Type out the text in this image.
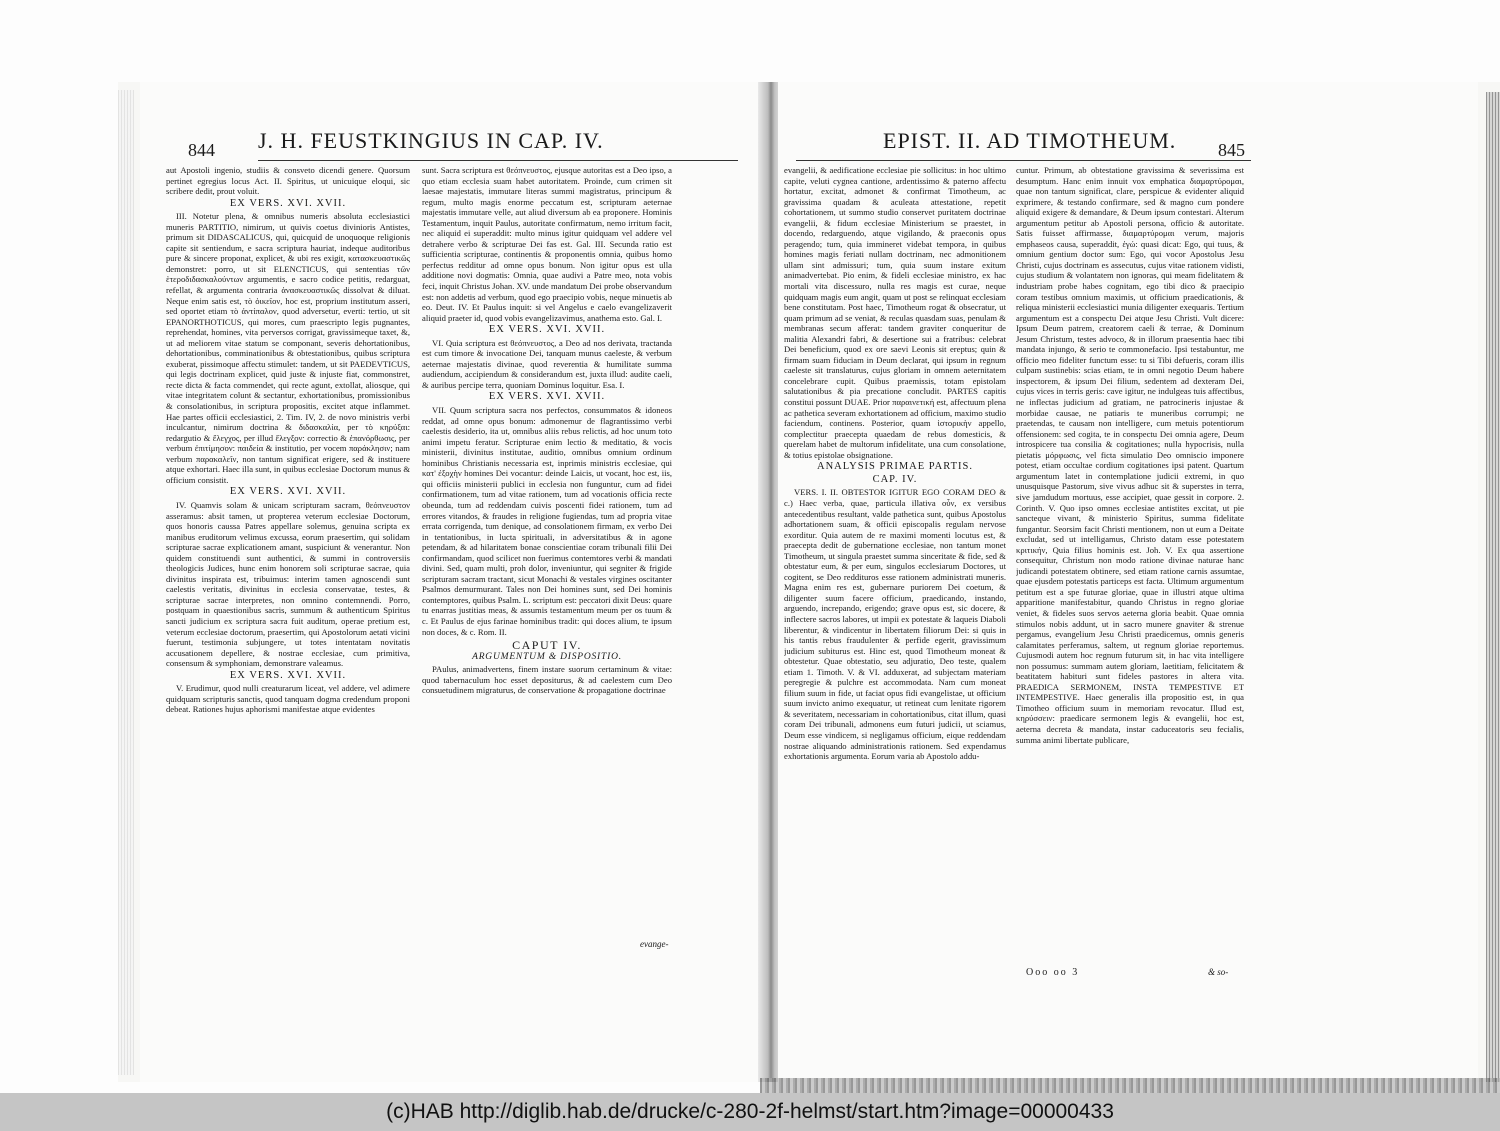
844 J. H. FEUSTKINGIUS IN CAP. IV.

aut Apostoli ingenio, studiis & consveto dicendi genere. Quorsum pertinet egregius locus Act. II. Spiritus, ut unicuique eloqui, sic scribere dedit, prout voluit.

EX VERS. XVI. XVII.

III. Notetur plena, & omnibus numeris absoluta ecclesiastici muneris PARTITIO, nimirum, ut quivis coetus divinioris Antistes, primum sit DIDASCALICUS, qui, quicquid de unoquoque religionis capite sit sentiendum, e sacra scriptura hauriat, indeque auditoribus pure & sincere proponat, explicet, & ubi res exigit, κατασκευαστικῶς demonstret: porro, ut sit ELENCTICUS, qui sententias τῶν ἑτεροδιδασκαλούντων argumentis, e sacro codice petitis, redarguat, refellat, & argumenta contraria ἀνασκευαστικῶς dissolvat & diluat. Neque enim satis est, τὸ ὁικεῖον, hoc est, proprium institutum asseri, sed oportet etiam τὸ ἀντίπαλον, quod adversetur, everti: tertio, ut sit EPANORTHOTICUS, qui mores, cum praescripto legis pugnantes, reprehendat, homines, vita perversos corrigat, gravissimeque taxet, &, ut ad meliorem vitae statum se componant, severis dehortationibus, dehortationibus, comminationibus & obtestationibus, quibus scriptura exuberat, pissimoque affectu stimulet: tandem, ut sit PAEDEVTICUS, qui legis doctrinam explicet, quid juste & injuste fiat, commonstret, recte dicta & facta commendet, qui recte agunt, extollat, aliosque, qui vitae integritatem colunt & sectantur, exhortationibus, promissionibus & consolationibus, in scriptura propositis, excitet atque inflammet. Hae partes officii ecclesiastici, 2. Tim. IV, 2. de novo ministris verbi inculcantur, nimirum doctrina & διδασκαλία, per τὸ κηρύξαι: redargutio & ἔλεγχος, per illud ἔλεγξον: correctio & ἐπανόρθωσις, per verbum ἐπιτίμησον: παιδεία & institutio, per vocem παράκλησιν; nam verbum παρακαλεῖν, non tantum significat erigere, sed & instituere atque exhortari. Haec illa sunt, in quibus ecclesiae Doctorum munus & officium consistit.

EX VERS. XVI. XVII.

IV. Quamvis solam & unicam scripturam sacram, θεόπνευστον asseramus: absit tamen, ut propterea veterum ecclesiae Doctorum, quos honoris caussa Patres appellare solemus, genuina scripta ex manibus eruditorum velimus excussa, eorum praesertim, qui solidam scripturae sacrae explicationem amant, suspiciunt & venerantur. Non quidem constituendi sunt authentici, & summi in controversiis theologicis Judices, hunc enim honorem soli scripturae sacrae, quia divinitus inspirata est, tribuimus: interim tamen agnoscendi sunt caelestis veritatis, divinitus in ecclesia conservatae, testes, & scripturae sacrae interpretes, non omnino contemnendi. Porro, postquam in quaestionibus sacris, summum & authenticum Spiritus sancti judicium ex scriptura sacra fuit auditum, operae pretium est, veterum ecclesiae doctorum, praesertim, qui Apostolorum aetati vicini fuerunt, testimonia subjungere, ut totes intentatam novitatis accusationem depellere, & nostrae ecclesiae, cum primitiva, consensum & symphoniam, demonstrare valeamus.

EX VERS. XVI. XVII.

V. Erudimur, quod nulli creaturarum liceat, vel addere, vel adimere quidquam scripturis sanctis, quod tanquam dogma credendum proponi debeat. Rationes hujus aphorismi manifestae atque evidentes

sunt. Sacra scriptura est θεόπνευστος, ejusque autoritas est a Deo ipso, a quo etiam ecclesia suam habet autoritatem. Proinde, cum crimen sit laesae majestatis, immutare literas summi magistratus, principum & regum, multo magis enorme peccatum est, scripturam aeternae majestatis immutare velle, aut aliud diversum ab ea proponere. Hominis Testamentum, inquit Paulus, autoritate confirmatum, nemo irritum facit, nec aliquid ei superaddit: multo minus igitur quidquam vel addere vel detrahere verbo & scripturae Dei fas est. Gal. III. Secunda ratio est sufficientia scripturae, continentis & proponentis omnia, quibus homo perfectus redditur ad omne opus bonum. Non igitur opus est ulla additione novi dogmatis: Omnia, quae audivi a Patre meo, nota vobis feci, inquit Christus Johan. XV. unde mandatum Dei probe observandum est: non addetis ad verbum, quod ego praecipio vobis, neque minuetis ab eo. Deut. IV. Et Paulus inquit: si vel Angelus e caelo evangelizaverit aliquid praeter id, quod vobis evangelizavimus, anathema esto. Gal. I.

EX VERS. XVI. XVII.

VI. Quia scriptura est θεόπνευστος, a Deo ad nos derivata, tractanda est cum timore & invocatione Dei, tanquam munus caeleste, & verbum aeternae majestatis divinae, quod reverentia & humilitate summa audiendum, accipiendum & considerandum est, juxta illud: audite caeli, & auribus percipe terra, quoniam Dominus loquitur. Esa. I.

EX VERS. XVI. XVII.

VII. Quum scriptura sacra nos perfectos, consummatos & idoneos reddat, ad omne opus bonum: admonemur de flagrantissimo verbi caelestis desiderio, ita ut, omnibus aliis rebus relictis, ad hoc unum toto animi impetu feratur. Scripturae enim lectio & meditatio, & vocis ministerii, divinitus institutae, auditio, omnibus omnium ordinum hominibus Christianis necessaria est, inprimis ministris ecclesiae, qui κατ' ἐξοχὴν homines Dei vocantur: deinde Laicis, ut vocant, hoc est, iis, qui officiis ministerii publici in ecclesia non funguntur, cum ad fidei confirmationem, tum ad vitae rationem, tum ad vocationis officia recte obeunda, tum ad reddendam cuivis poscenti fidei rationem, tum ad errores vitandos, & fraudes in religione fugiendas, tum ad propria vitae errata corrigenda, tum denique, ad consolationem firmam, ex verbo Dei in tentationibus, in lucta spirituali, in adversitatibus & in agone petendam, & ad hilaritatem bonae conscientiae coram tribunali filii Dei confirmandam, quod scilicet non fuerimus contemtores verbi & mandati divini. Sed, quam multi, proh dolor, inveniuntur, qui segniter & frigide scripturam sacram tractant, sicut Monachi & vestales virgines oscitanter Psalmos demurmurant. Tales non Dei homines sunt, sed Dei hominis contemptores, quibus Psalm. L. scriptum est: peccatori dixit Deus: quare tu enarras justitias meas, & assumis testamentum meum per os tuum & c. Et Paulus de ejus farinae hominibus tradit: qui doces alium, te ipsum non doces, & c. Rom. II.

CAPUT IV.

ARGUMENTUM & DISPOSITIO.

PAulus, animadvertens, finem instare suorum certaminum & vitae: quod tabernaculum hoc esset depositurus, & ad caelestem cum Deo consuetudinem migraturus, de conservatione & propagatione doctrinae

evange-
EPIST. II. AD TIMOTHEUM. 845

evangelii, & aedificatione ecclesiae pie sollicitus: in hoc ultimo capite, veluti cygnea cantione, ardentissimo & paterno affectu hortatur, excitat, admonet & confirmat Timotheum, ac gravissima quadam & aculeata attestatione, repetit cohortationem, ut summo studio conservet puritatem doctrinae evangelii, & fidum ecclesiae Ministerium se praestet, in docendo, redarguendo, atque vigilando, & praeconis opus peragendo; tum, quia immineret videbat tempora, in quibus homines magis feriati nullam doctrinam, nec admonitionem ullam sint admissuri; tum, quia suum instare exitum animadvertebat. Pio enim, & fideli ecclesiae ministro, ex hac mortali vita discessuro, nulla res magis est curae, neque quidquam magis eum angit, quam ut post se relinquat ecclesiam bene constitutam. Post haec, Timotheum rogat & obsecratur, ut quam primum ad se veniat, & reculas quasdam suas, penulam & membranas secum afferat: tandem graviter conqueritur de malitia Alexandri fabri, & desertione sui a fratribus: celebrat Dei beneficium, quod ex ore saevi Leonis sit ereptus; quin & firmam suam fiduciam in Deum declarat, qui ipsum in regnum caeleste sit translaturus, cujus gloriam in omnem aeternitatem concelebrare cupit. Quibus praemissis, totam epistolam salutationibus & pia precatione concludit. PARTES capitis constitui possunt DUAE. Prior παραινετική est, affectuum plena ac pathetica severam exhortationem ad officium, maximo studio faciendum, continens. Posterior, quam ἱστορικὴν appello, complectitur praecepta quaedam de rebus domesticis, & querelam habet de multorum infidelitate, una cum consolatione, & totius epistolae obsignatione.

ANALYSIS PRIMAE PARTIS.

CAP. IV.

VERS. I. II. OBTESTOR IGITUR EGO CORAM DEO & c.) Haec verba, quae, particula illativa οὖν, ex versibus antecedentibus resultant, valde pathetica sunt, quibus Apostolus adhortationem suam, & officii episcopalis regulam nervose exorditur. Quia autem de re maximi momenti locutus est, & praecepta dedit de gubernatione ecclesiae, non tantum monet Timotheum, ut singula praestet summa sinceritate & fide, sed & obtestatur eum, & per eum, singulos ecclesiarum Doctores, ut cogitent, se Deo reddituros esse rationem administrati muneris. Magna enim res est, gubernare puriorem Dei coetum, & diligenter suum facere officium, praedicando, instando, arguendo, increpando, erigendo; grave opus est, sic docere, & inflectere sacros labores, ut impii ex potestate & laqueis Diaboli liberentur, & vindicentur in libertatem filiorum Dei: si quis in his tantis rebus fraudulenter & perfide egerit, gravissimum judicium subiturus est. Hinc est, quod Timotheum moneat & obtestetur. Quae obtestatio, seu adjuratio, Deo teste, qualem etiam 1. Timoth. V. & VI. adduxerat, ad subjectam materiam peregregie & pulchre est accommodata. Nam cum moneat filium suum in fide, ut faciat opus fidi evangelistae, ut officium suum invicto animo exequatur, ut retineat cum lenitate rigorem & severitatem, necessariam in cohortationibus, citat illum, quasi coram Dei tribunali, admonens eum futuri judicii, ut sciamus, Deum esse vindicem, si negligamus officium, eique reddendam nostrae aliquando administrationis rationem. Sed expendamus exhortationis argumenta. Eorum varia ab Apostolo addu-

cuntur. Primum, ab obtestatione gravissima & severissima est desumptum. Hanc enim innuit vox emphatica διαμαρτύρομαι, quae non tantum significat, clare, perspicue & evidenter aliquid exprimere, & testando confirmare, sed & magno cum pondere aliquid exigere & demandare, & Deum ipsum contestari. Alterum argumentum petitur ab Apostoli persona, officio & autoritate. Satis fuisset affirmasse, διαμαρτύρομαι verum, majoris emphaseos causa, superaddit, ἐγώ: quasi dicat: Ego, qui tuus, & omnium gentium doctor sum: Ego, qui vocor Apostolus Jesu Christi, cujus doctrinam es assecutus, cujus vitae rationem vidisti, cujus studium & volantatem non ignoras, qui meam fidelitatem & industriam probe habes cognitam, ego tibi dico & praecipio coram testibus omnium maximis, ut officium praedicationis, & reliqua ministerii ecclesiastici munia diligenter exequaris. Tertium argumentum est a conspectu Dei atque Jesu Christi. Vult dicere: Ipsum Deum patrem, creatorem caeli & terrae, & Dominum Jesum Christum, testes advoco, & in illorum praesentia haec tibi mandata injungo, & serio te commonefacio. Ipsi testabuntur, me officio meo fideliter functum esse: tu si Tibi defueris, coram illis culpam sustinebis: scias etiam, te in omni negotio Deum habere inspectorem, & ipsum Dei filium, sedentem ad dexteram Dei, cujus vices in terris geris: cave igitur, ne indulgeas tuis affectibus, ne inflectas judicium ad gratiam, ne patrocineris injustae & morbidae causae, ne patiaris te muneribus corrumpi; ne praetendas, te causam non intelligere, cum metuis potentiorum offensionem: sed cogita, te in conspectu Dei omnia agere, Deum introspicere tua consilia & cogitationes; nulla hypocrisis, nulla pietatis μόρφωσις, vel ficta simulatio Deo omniscio imponere potest, etiam occultae cordium cogitationes ipsi patent. Quartum argumentum latet in contemplatione judicii extremi, in quo unusquisque Pastorum, sive vivus adhuc sit & superstes in terra, sive jamdudum mortuus, esse accipiet, quae gessit in corpore. 2. Corinth. V. Quo ipso omnes ecclesiae antistites excitat, ut pie sancteque vivant, & ministerio Spiritus, summa fidelitate fungantur. Seorsim facit Christi mentionem, non ut eum a Deitate excludat, sed ut intelligamus, Christo datam esse potestatem κριτικήν, Quia filius hominis est. Joh. V. Ex qua assertione consequitur, Christum non modo ratione divinae naturae hanc judicandi potestatem obtinere, sed etiam ratione carnis assumtae, quae ejusdem potestatis particeps est facta. Ultimum argumentum petitum est a spe futurae gloriae, quae in illustri atque ultima apparitione manifestabitur, quando Christus in regno gloriae veniet, & fideles suos servos aeterna gloria beabit. Quae omnia stimulos nobis addunt, ut in sacro munere gnaviter & strenue pergamus, evangelium Jesu Christi praedicemus, omnis generis calamitates perferamus, saltem, ut regnum gloriae reportemus. Cujusmodi autem hoc regnum futurum sit, in hac vita intelligere non possumus: summam autem gloriam, laetitiam, felicitatem & beatitatem habituri sunt fideles pastores in altera vita. PRAEDICA SERMONEM, INSTA TEMPESTIVE ET INTEMPESTIVE. Haec generalis illa propositio est, in qua Timotheo officium suum in memoriam revocatur. Illud est, κηρύσσειν: praedicare sermonem legis & evangelii, hoc est, aeterna decreta & mandata, instar caduceatoris seu fecialis, summa animi libertate publicare,

Ooo oo 3	& so-
(c)HAB http://diglib.hab.de/drucke/c-280-2f-helmst/start.htm?image=00000433
